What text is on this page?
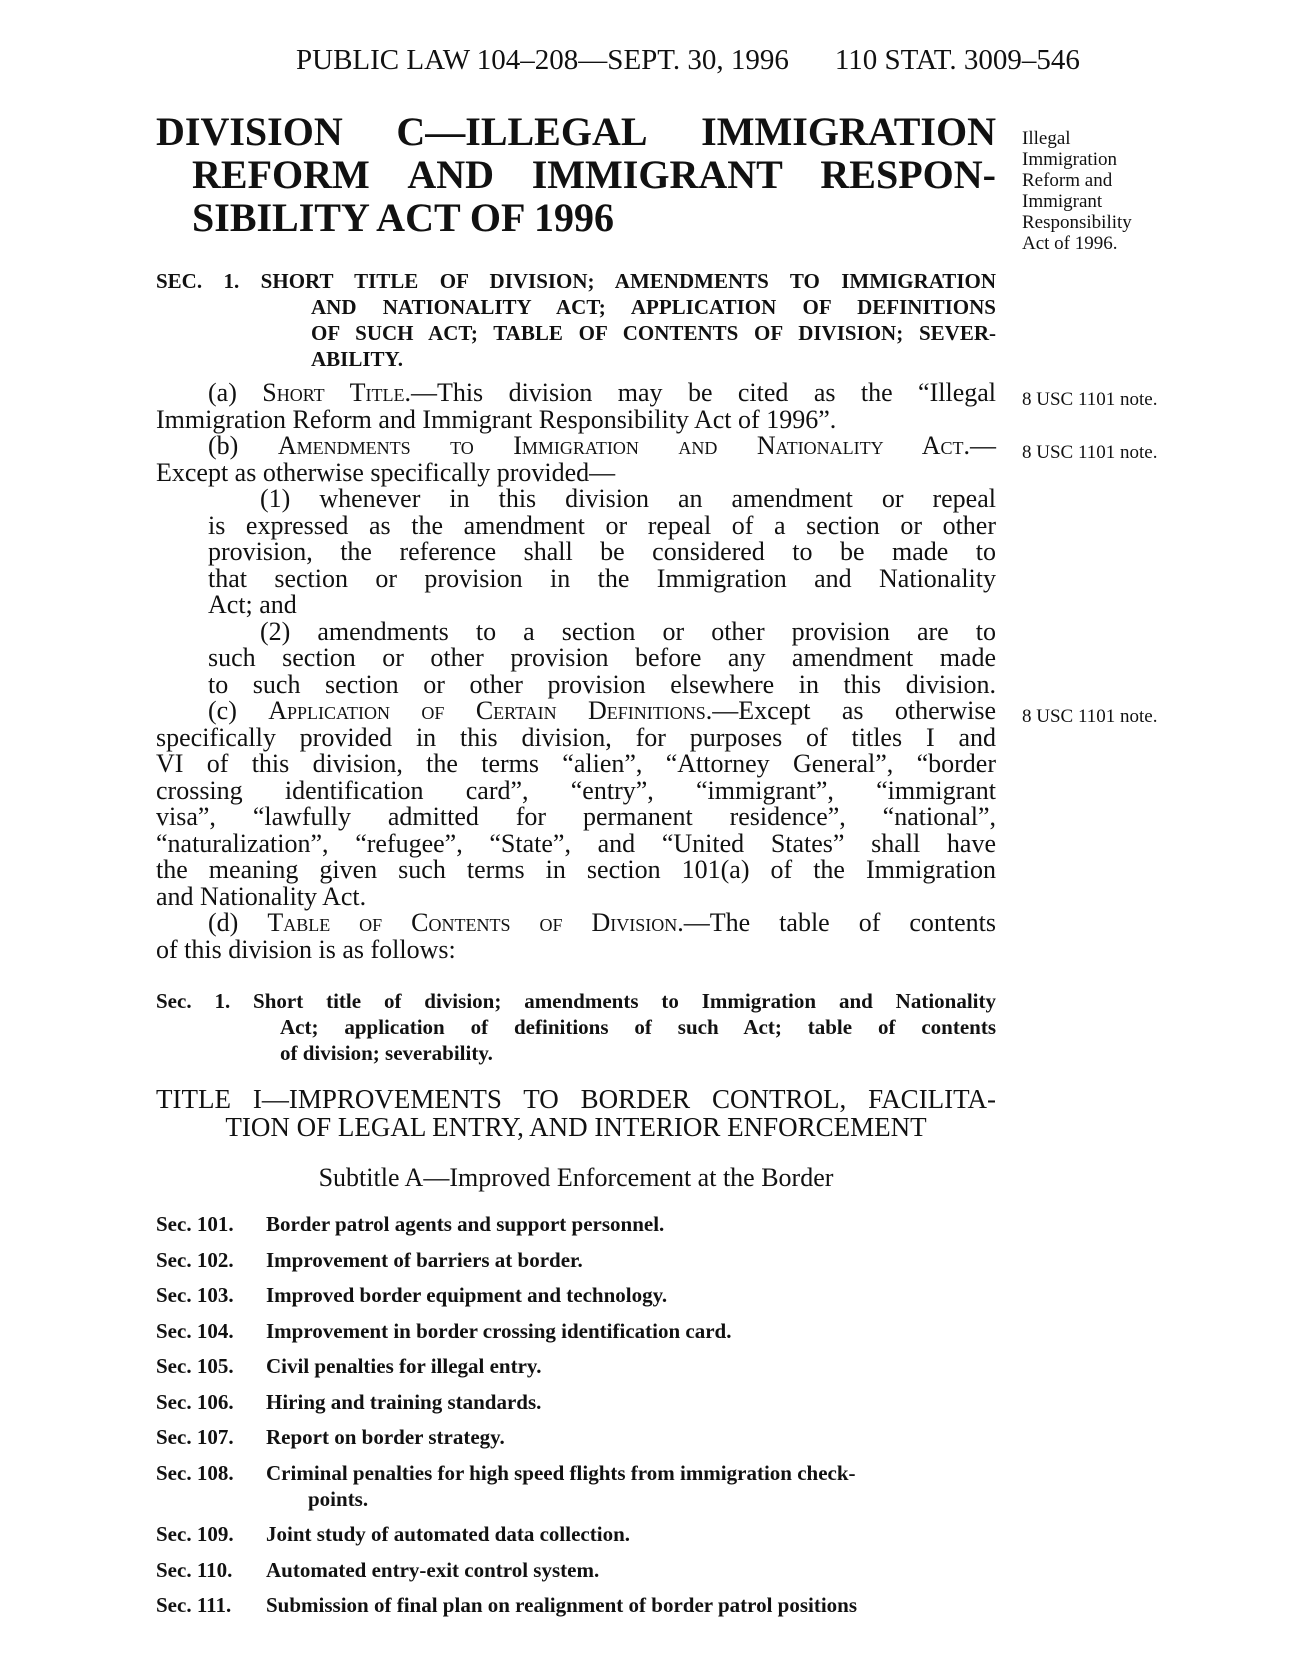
PUBLIC LAW 104–208—SEPT. 30, 1996 110 STAT. 3009–546
DIVISION C—ILLEGAL IMMIGRATION
REFORM AND IMMIGRANT RESPON-
SIBILITY ACT OF 1996
Illegal
Immigration
Reform and
Immigrant
Responsibility
Act of 1996.
8 USC 1101 note.
8 USC 1101 note.
8 USC 1101 note.
SEC. 1. SHORT TITLE OF DIVISION; AMENDMENTS TO IMMIGRATION
AND NATIONALITY ACT; APPLICATION OF DEFINITIONS
OF SUCH ACT; TABLE OF CONTENTS OF DIVISION; SEVER-
ABILITY.
(a) Short Title.—This division may be cited as the “Illegal
Immigration Reform and Immigrant Responsibility Act of 1996”.
(b) Amendments to Immigration and Nationality Act.—
Except as otherwise specifically provided—
(1) whenever in this division an amendment or repeal
is expressed as the amendment or repeal of a section or other
provision, the reference shall be considered to be made to
that section or provision in the Immigration and Nationality
Act; and
(2) amendments to a section or other provision are to
such section or other provision before any amendment made
to such section or other provision elsewhere in this division.
(c) Application of Certain Definitions.—Except as otherwise
specifically provided in this division, for purposes of titles I and
VI of this division, the terms “alien”, “Attorney General”, “border
crossing identification card”, “entry”, “immigrant”, “immigrant
visa”, “lawfully admitted for permanent residence”, “national”,
“naturalization”, “refugee”, “State”, and “United States” shall have
the meaning given such terms in section 101(a) of the Immigration
and Nationality Act.
(d) Table of Contents of Division.—The table of contents
of this division is as follows:
Sec. 1. Short title of division; amendments to Immigration and Nationality
Act; application of definitions of such Act; table of contents
of division; severability.
TITLE I—IMPROVEMENTS TO BORDER CONTROL, FACILITA-
TION OF LEGAL ENTRY, AND INTERIOR ENFORCEMENT
Subtitle A—Improved Enforcement at the Border
Sec. 101.	Border patrol agents and support personnel.
Sec. 102.	Improvement of barriers at border.
Sec. 103.	Improved border equipment and technology.
Sec. 104.	Improvement in border crossing identification card.
Sec. 105.	Civil penalties for illegal entry.
Sec. 106.	Hiring and training standards.
Sec. 107.	Report on border strategy.
Sec. 108.	Criminal penalties for high speed flights from immigration check-
points.
Sec. 109.	Joint study of automated data collection.
Sec. 110.	Automated entry-exit control system.
Sec. 111.	Submission of final plan on realignment of border patrol positions
